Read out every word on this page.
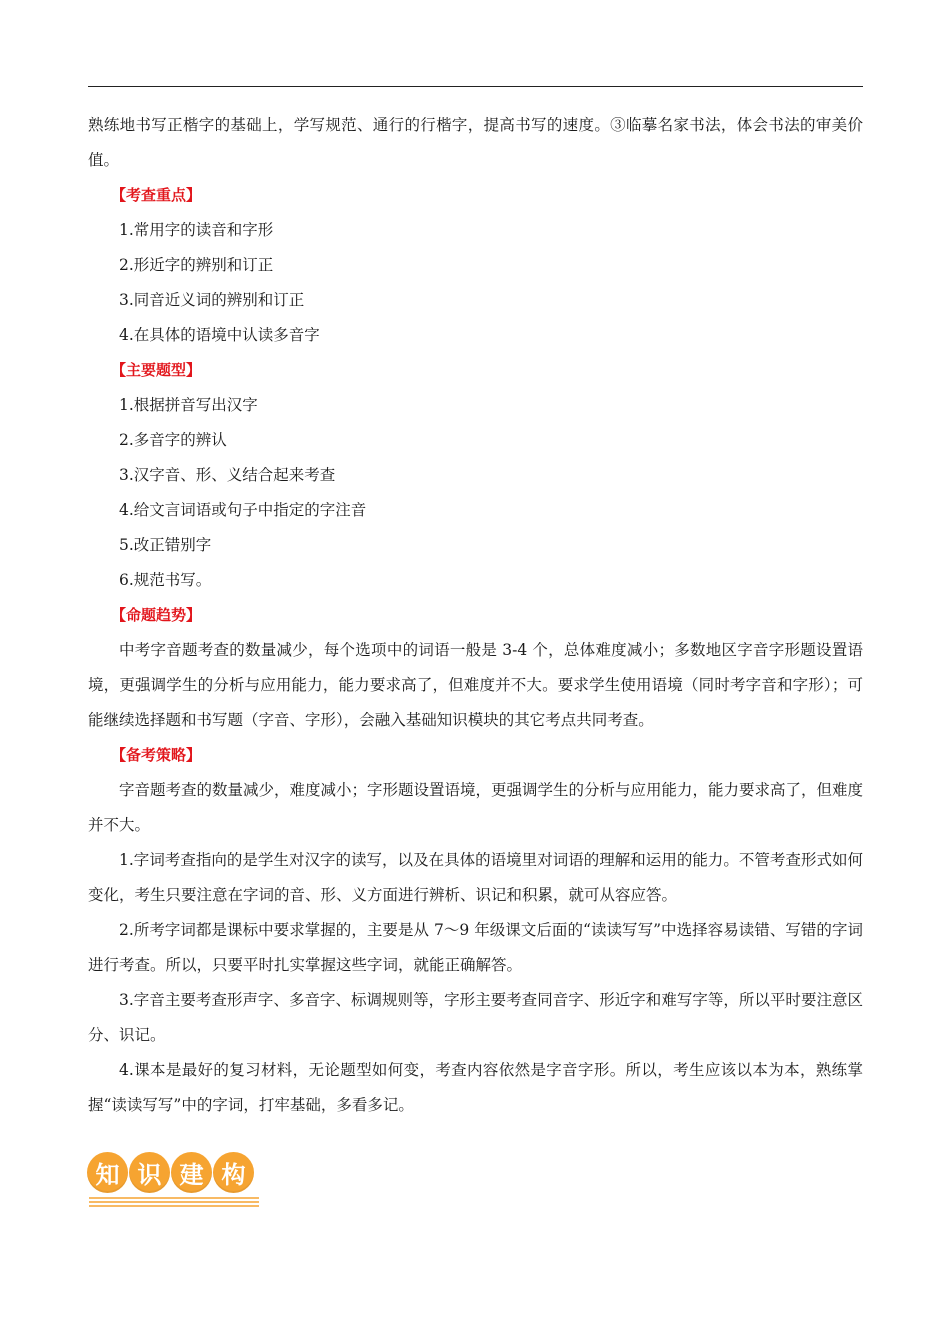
熟练地书写正楷字的基础上，学写规范、通行的行楷字，提高书写的速度。③临摹名家书法，体会书法的审美价值。

【考查重点】

1.常用字的读音和字形

2.形近字的辨别和订正

3.同音近义词的辨别和订正

4.在具体的语境中认读多音字

【主要题型】

1.根据拼音写出汉字

2.多音字的辨认

3.汉字音、形、义结合起来考查

4.给文言词语或句子中指定的字注音

5.改正错别字

6.规范书写。

【命题趋势】

中考字音题考查的数量减少，每个选项中的词语一般是 3-4 个，总体难度减小；多数地区字音字形题设置语境，更强调学生的分析与应用能力，能力要求高了，但难度并不大。要求学生使用语境（同时考字音和字形）；可能继续选择题和书写题（字音、字形），会融入基础知识模块的其它考点共同考查。

【备考策略】

字音题考查的数量减少，难度减小；字形题设置语境，更强调学生的分析与应用能力，能力要求高了，但难度并不大。

1.字词考查指向的是学生对汉字的读写，以及在具体的语境里对词语的理解和运用的能力。不管考查形式如何变化，考生只要注意在字词的音、形、义方面进行辨析、识记和积累，就可从容应答。

2.所考字词都是课标中要求掌握的，主要是从 7～9 年级课文后面的“读读写写”中选择容易读错、写错的字词进行考查。所以，只要平时扎实掌握这些字词，就能正确解答。

3.字音主要考查形声字、多音字、标调规则等，字形主要考查同音字、形近字和难写字等，所以平时要注意区分、识记。

4.课本是最好的复习材料，无论题型如何变，考查内容依然是字音字形。所以，考生应该以本为本，熟练掌握“读读写写”中的字词，打牢基础，多看多记。

知 识 建 构
